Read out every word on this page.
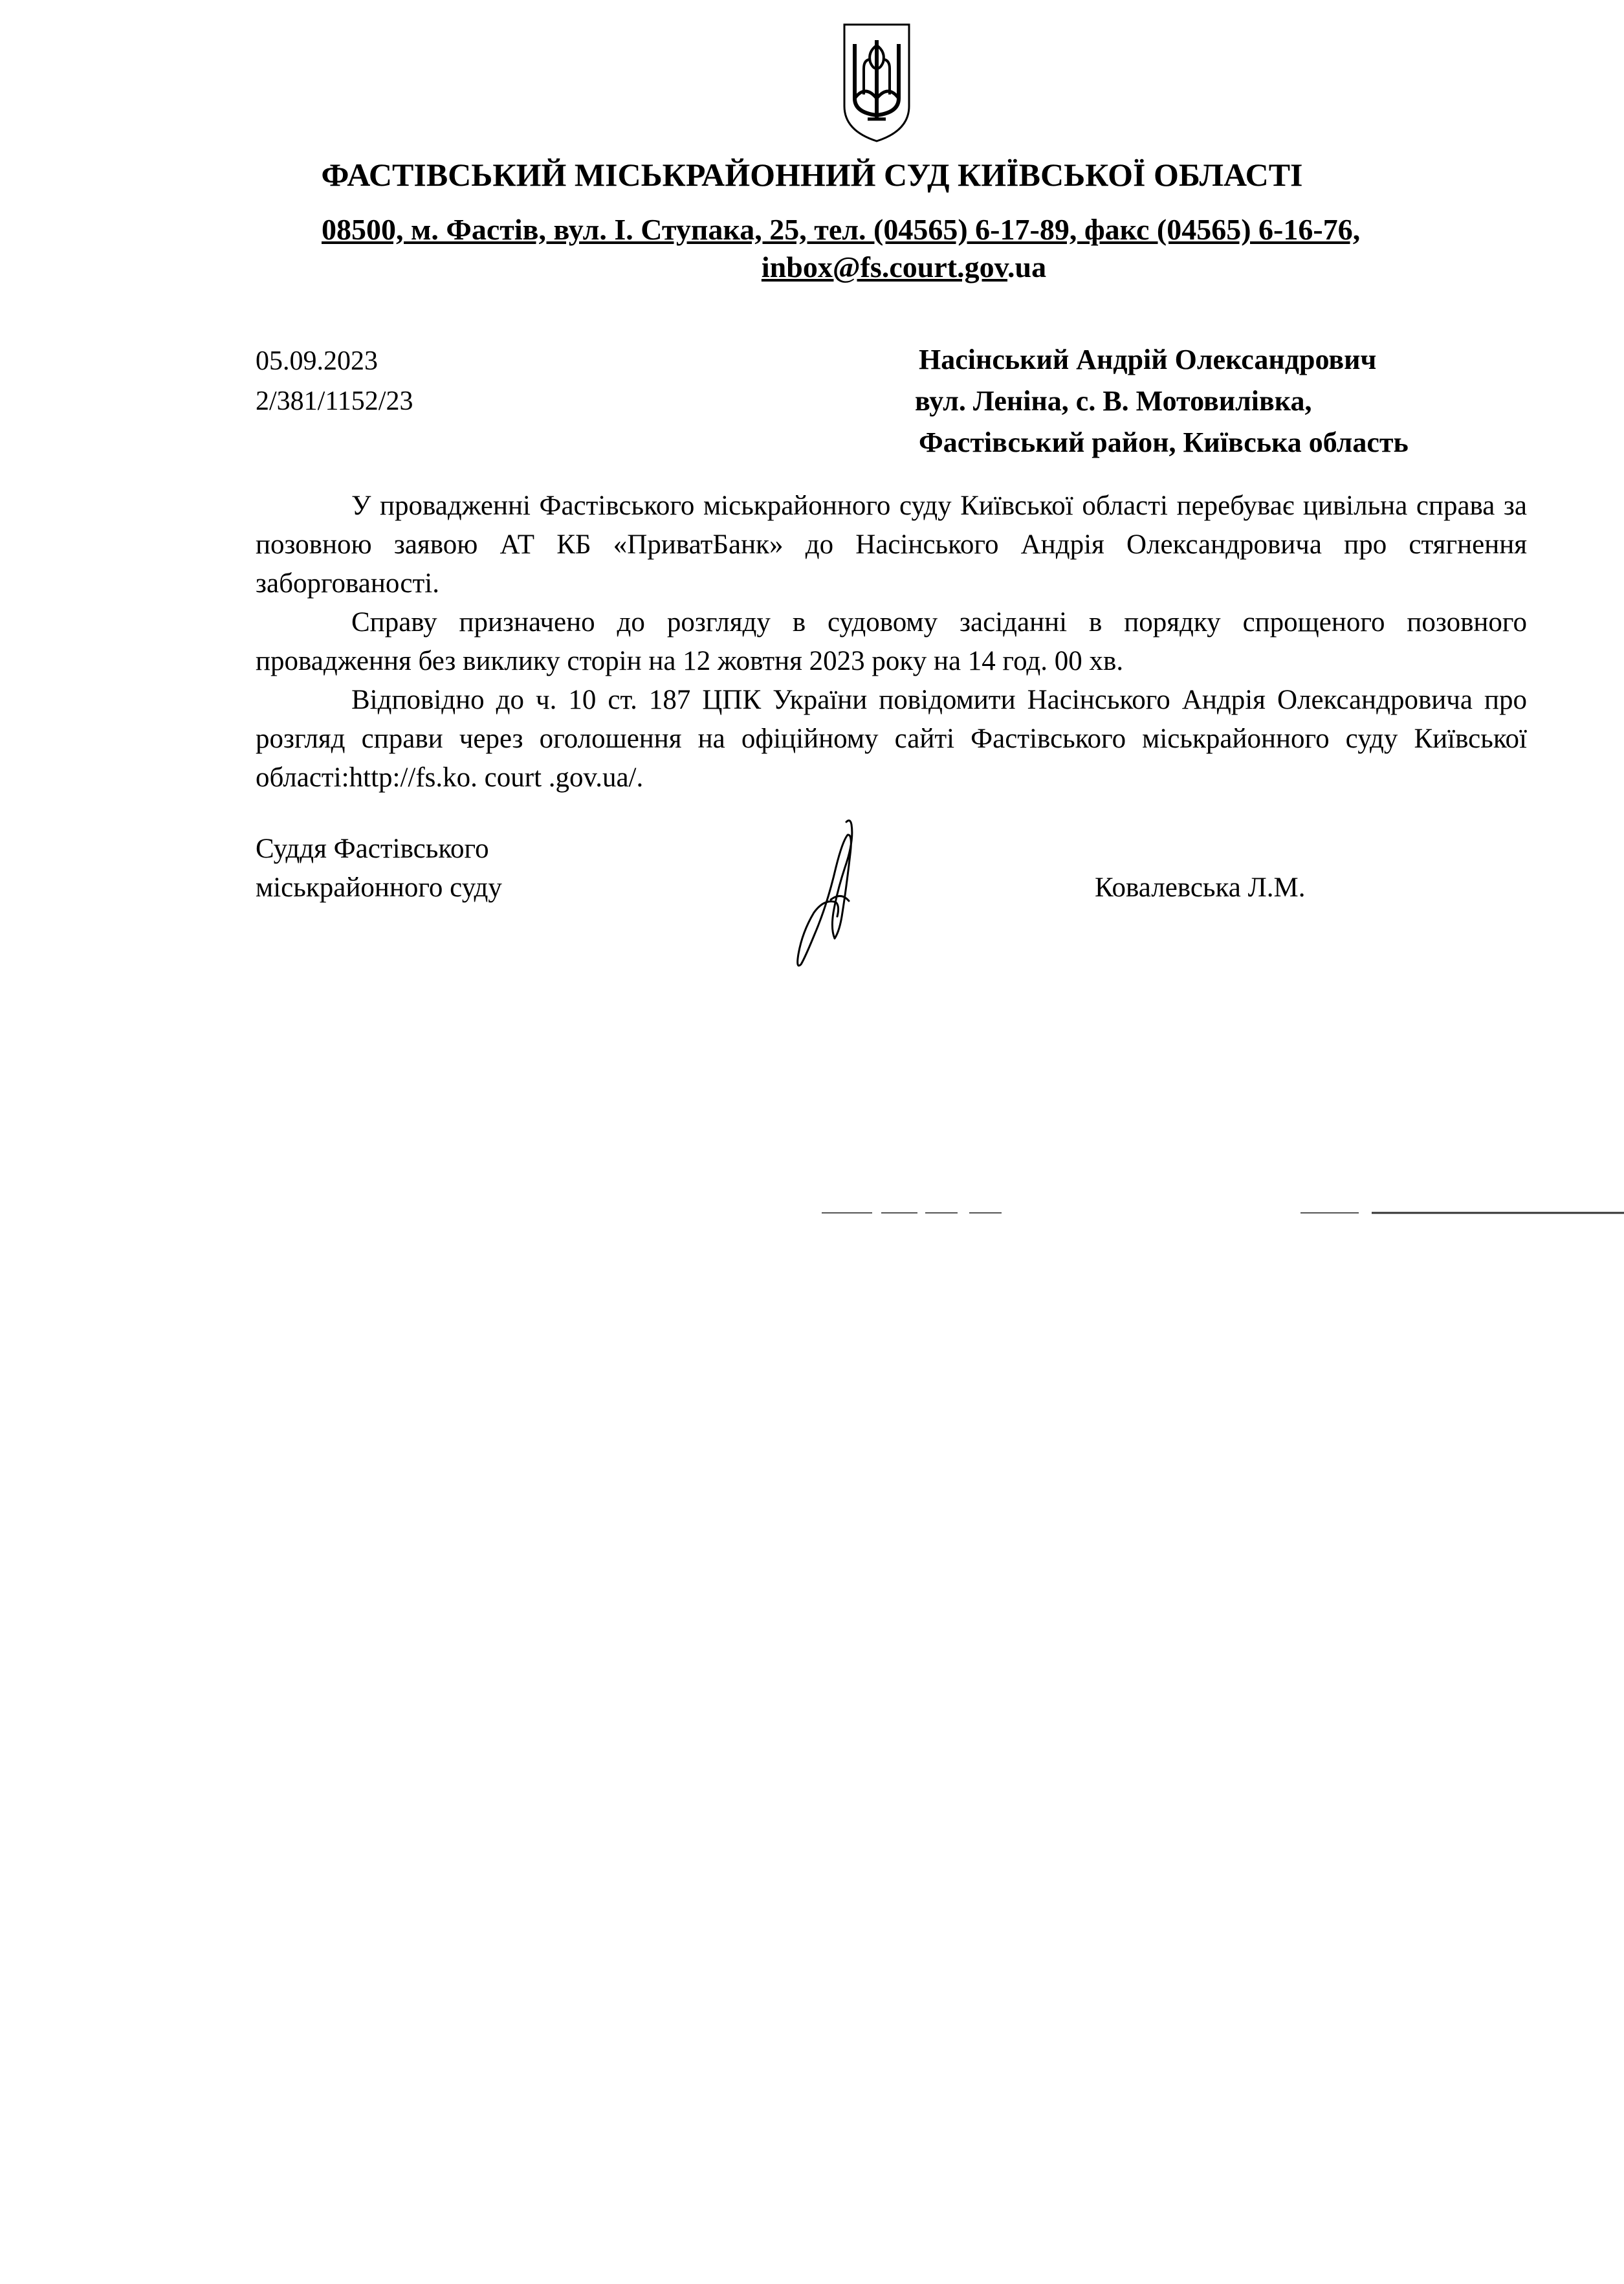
ФАСТІВСЬКИЙ МІСЬКРАЙОННИЙ СУД КИЇВСЬКОЇ ОБЛАСТІ
08500, м. Фастів, вул. І. Ступака, 25, тел. (04565) 6-17-89, факс (04565) 6-16-76,
inbox@fs.court.gov.ua
05.09.2023
2/381/1152/23
Насінський Андрій Олександрович
вул. Леніна, с. В. Мотовилівка,
Фастівський район, Київська область

У провадженні Фастівського міськрайонного суду Київської області перебуває цивільна справа за позовною заявою АТ КБ «ПриватБанк» до Насінського Андрія Олександровича про стягнення заборгованості.

Справу призначено до розгляду в судовому засіданні в порядку спрощеного позовного провадження без виклику сторін на 12 жовтня 2023 року на 14 год. 00 хв.

Відповідно до ч. 10 ст. 187 ЦПК України повідомити Насінського Андрія Олександровича про розгляд справи через оголошення на офіційному сайті Фастівського міськрайонного суду Київської області:http://fs.ko. court .gov.ua/.

Суддя Фастівського
міськрайонного суду	Ковалевська Л.М.
